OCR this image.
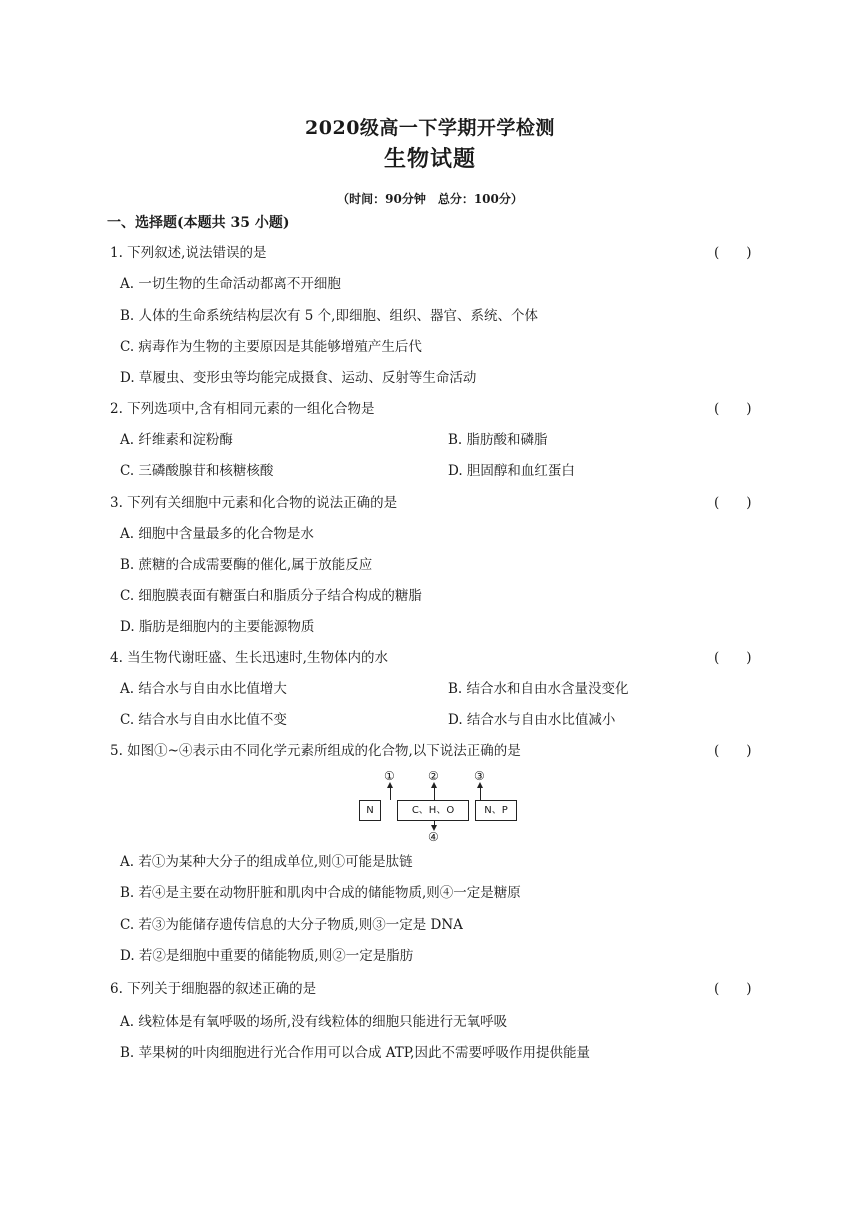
2020级高一下学期开学检测
生物试题
（时间：90分钟　总分：100分）
一、选择题(本题共 35 小题)
1. 下列叙述,说法错误的是	(　　)
A. 一切生物的生命活动都离不开细胞
B. 人体的生命系统结构层次有 5 个,即细胞、组织、器官、系统、个体
C. 病毒作为生物的主要原因是其能够增殖产生后代
D. 草履虫、变形虫等均能完成摄食、运动、反射等生命活动
2. 下列选项中,含有相同元素的一组化合物是	(　　)
A. 纤维素和淀粉酶	B. 脂肪酸和磷脂
C. 三磷酸腺苷和核糖核酸	D. 胆固醇和血红蛋白
3. 下列有关细胞中元素和化合物的说法正确的是	(　　)
A. 细胞中含量最多的化合物是水
B. 蔗糖的合成需要酶的催化,属于放能反应
C. 细胞膜表面有糖蛋白和脂质分子结合构成的糖脂
D. 脂肪是细胞内的主要能源物质
4. 当生物代谢旺盛、生长迅速时,生物体内的水	(　　)
A. 结合水与自由水比值增大	B. 结合水和自由水含量没变化
C. 结合水与自由水比值不变	D. 结合水与自由水比值减小
5. 如图①~④表示由不同化学元素所组成的化合物,以下说法正确的是	(　　)
①	②	③
N	C、H、O	N、P
④
A. 若①为某种大分子的组成单位,则①可能是肽链
B. 若④是主要在动物肝脏和肌肉中合成的储能物质,则④一定是糖原
C. 若③为能储存遗传信息的大分子物质,则③一定是 DNA
D. 若②是细胞中重要的储能物质,则②一定是脂肪
6. 下列关于细胞器的叙述正确的是	(　　)
A. 线粒体是有氧呼吸的场所,没有线粒体的细胞只能进行无氧呼吸
B. 苹果树的叶肉细胞进行光合作用可以合成 ATP,因此不需要呼吸作用提供能量
